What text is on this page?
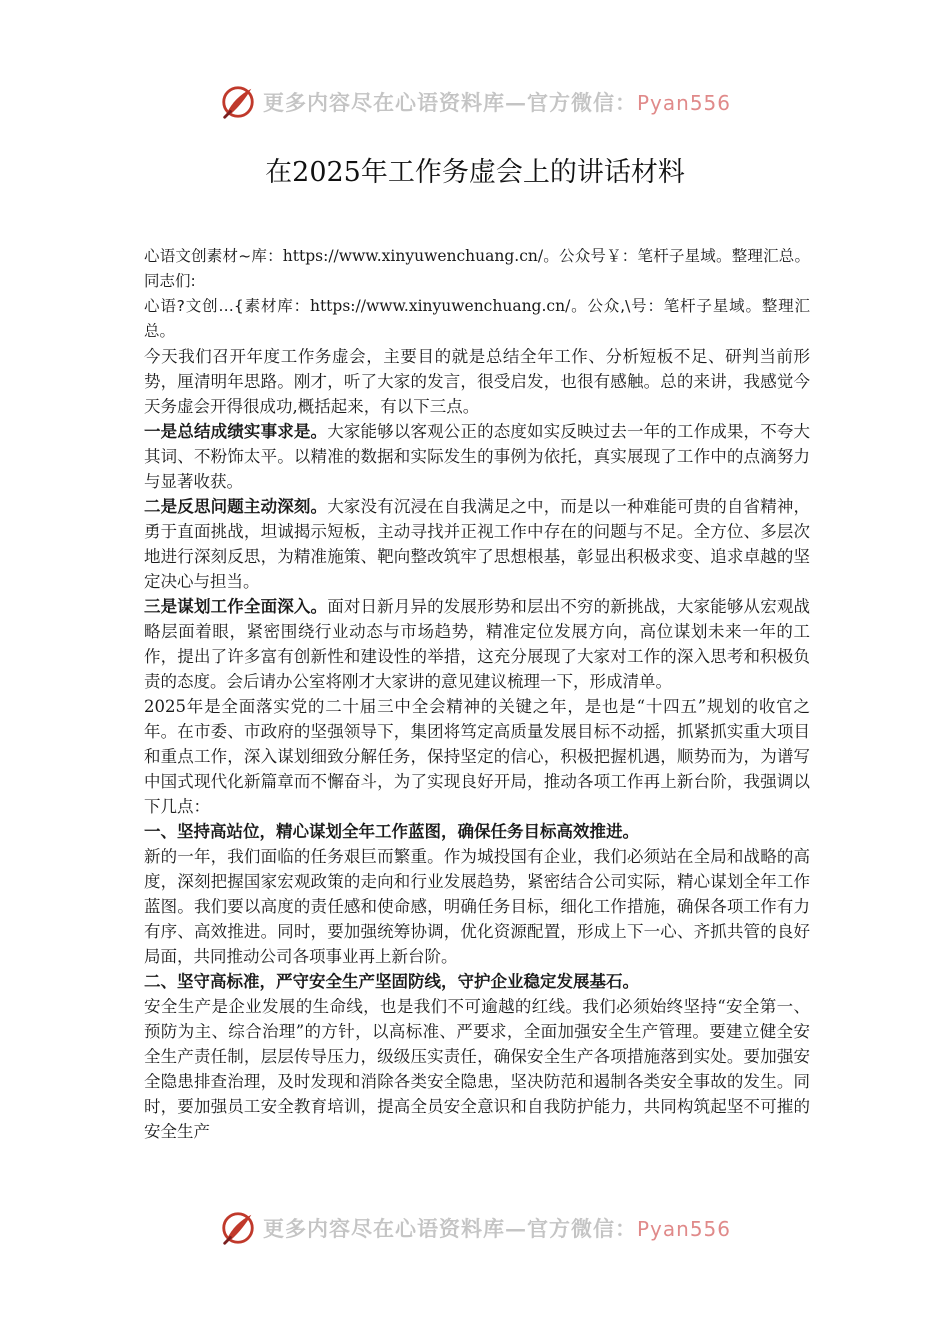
更多内容尽在心语资料库—官方微信：Pyan556
在2025年工作务虚会上的讲话材料

心语文创素材~库：https://www.xinyuwenchuang.cn/。公众号￥：笔杆子星域。整理汇总。同志们:

心语?文创…{素材库：https://www.xinyuwenchuang.cn/。公众,\号：笔杆子星域。整理汇总。

今天我们召开年度工作务虚会，主要目的就是总结全年工作、分析短板不足、研判当前形势，厘清明年思路。刚才，听了大家的发言，很受启发，也很有感触。总的来讲，我感觉今天务虚会开得很成功,概括起来，有以下三点。

一是总结成绩实事求是。大家能够以客观公正的态度如实反映过去一年的工作成果，不夸大其词、不粉饰太平。以精准的数据和实际发生的事例为依托，真实展现了工作中的点滴努力与显著收获。

二是反思问题主动深刻。大家没有沉浸在自我满足之中，而是以一种难能可贵的自省精神，勇于直面挑战，坦诚揭示短板，主动寻找并正视工作中存在的问题与不足。全方位、多层次地进行深刻反思，为精准施策、靶向整改筑牢了思想根基，彰显出积极求变、追求卓越的坚定决心与担当。

三是谋划工作全面深入。面对日新月异的发展形势和层出不穷的新挑战，大家能够从宏观战略层面着眼，紧密围绕行业动态与市场趋势，精准定位发展方向，高位谋划未来一年的工作，提出了许多富有创新性和建设性的举措，这充分展现了大家对工作的深入思考和积极负责的态度。会后请办公室将刚才大家讲的意见建议梳理一下，形成清单。

2025年是全面落实党的二十届三中全会精神的关键之年，是也是“十四五”规划的收官之年。在市委、市政府的坚强领导下，集团将笃定高质量发展目标不动摇，抓紧抓实重大项目和重点工作，深入谋划细致分解任务，保持坚定的信心，积极把握机遇，顺势而为，为谱写中国式现代化新篇章而不懈奋斗，为了实现良好开局，推动各项工作再上新台阶，我强调以下几点：

一、坚持高站位，精心谋划全年工作蓝图，确保任务目标高效推进。

新的一年，我们面临的任务艰巨而繁重。作为城投国有企业，我们必须站在全局和战略的高度，深刻把握国家宏观政策的走向和行业发展趋势，紧密结合公司实际，精心谋划全年工作蓝图。我们要以高度的责任感和使命感，明确任务目标，细化工作措施，确保各项工作有力有序、高效推进。同时，要加强统筹协调，优化资源配置，形成上下一心、齐抓共管的良好局面，共同推动公司各项事业再上新台阶。

二、坚守高标准，严守安全生产坚固防线，守护企业稳定发展基石。

安全生产是企业发展的生命线，也是我们不可逾越的红线。我们必须始终坚持“安全第一、预防为主、综合治理”的方针，以高标准、严要求，全面加强安全生产管理。要建立健全安全生产责任制，层层传导压力，级级压实责任，确保安全生产各项措施落到实处。要加强安全隐患排查治理，及时发现和消除各类安全隐患，坚决防范和遏制各类安全事故的发生。同时，要加强员工安全教育培训，提高全员安全意识和自我防护能力，共同构筑起坚不可摧的安全生产

更多内容尽在心语资料库—官方微信：Pyan556
